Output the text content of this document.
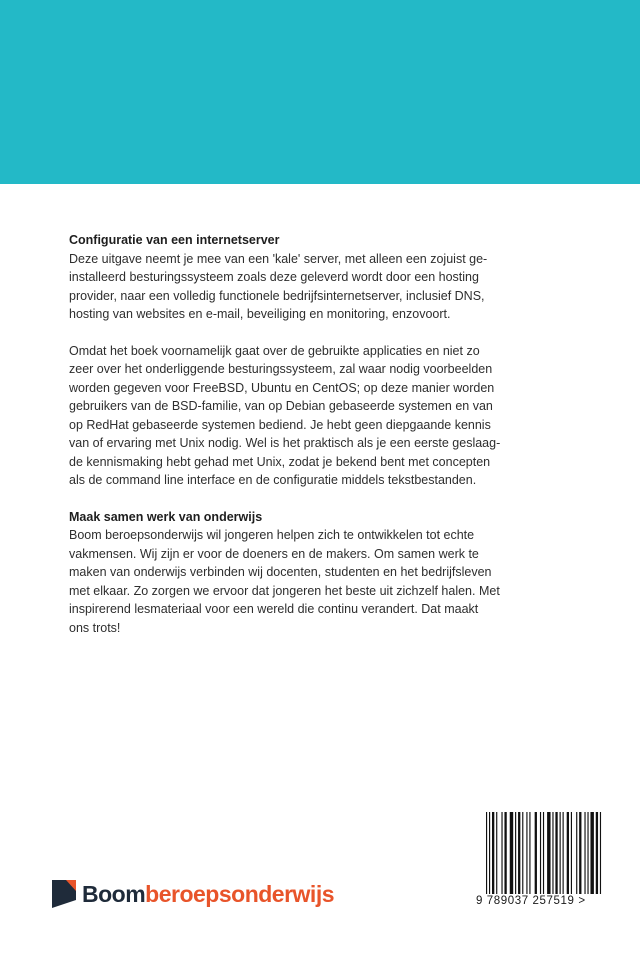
Configuratie van een internetserver

Deze uitgave neemt je mee van een 'kale' server, met alleen een zojuist ge-
installeerd besturingssysteem zoals deze geleverd wordt door een hosting
provider, naar een volledig functionele bedrijfsinternetserver, inclusief DNS,
hosting van websites en e-mail, beveiliging en monitoring, enzovoort.

Omdat het boek voornamelijk gaat over de gebruikte applicaties en niet zo
zeer over het onderliggende besturingssysteem, zal waar nodig voorbeelden
worden gegeven voor FreeBSD, Ubuntu en CentOS; op deze manier worden
gebruikers van de BSD-familie, van op Debian gebaseerde systemen en van
op RedHat gebaseerde systemen bediend. Je hebt geen diepgaande kennis
van of ervaring met Unix nodig. Wel is het praktisch als je een eerste geslaag-
de kennismaking hebt gehad met Unix, zodat je bekend bent met concepten
als de command line interface en de configuratie middels tekstbestanden.

Maak samen werk van onderwijs

Boom beroepsonderwijs wil jongeren helpen zich te ontwikkelen tot echte
vakmensen. Wij zijn er voor de doeners en de makers. Om samen werk te
maken van onderwijs verbinden wij docenten, studenten en het bedrijfsleven
met elkaar. Zo zorgen we ervoor dat jongeren het beste uit zichzelf halen. Met
inspirerend lesmateriaal voor een wereld die continu verandert. Dat maakt
ons trots!

Boom beroepsonderwijs	9 789037 257519 >
